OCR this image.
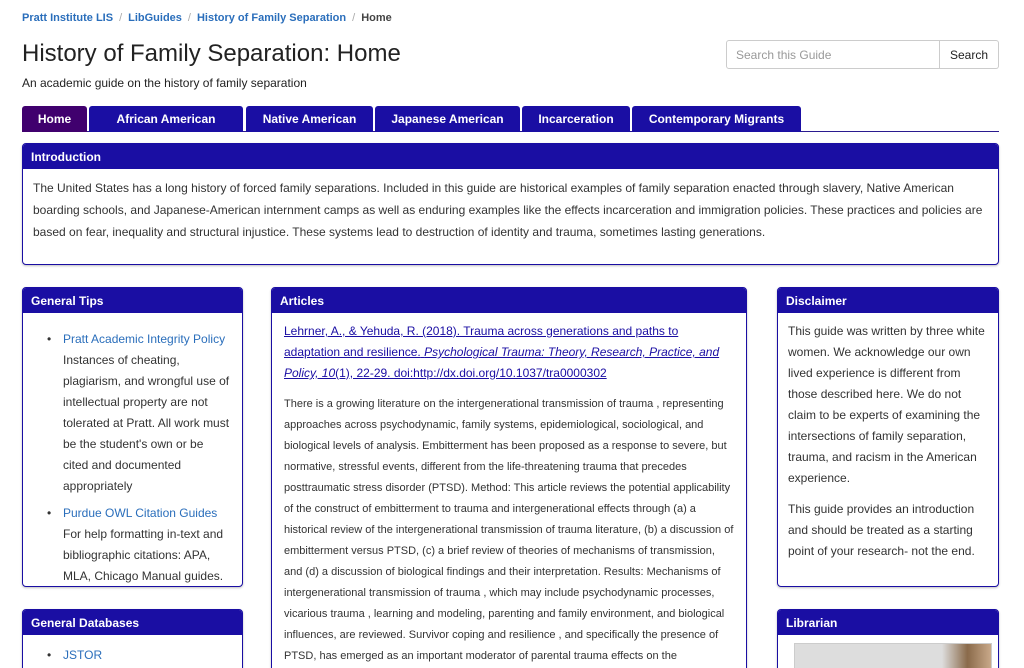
Pratt Institute LIS / LibGuides / History of Family Separation / Home
History of Family Separation: Home
An academic guide on the history of family separation
Search this Guide
Search
Home	African American	Native American	Japanese American	Incarceration	Contemporary Migrants
Introduction
The United States has a long history of forced family separations. Included in this guide are historical examples of family separation enacted through slavery, Native American boarding schools, and Japanese-American internment camps as well as enduring examples like the effects incarceration and immigration policies. These practices and policies are based on fear, inequality and structural injustice. These systems lead to destruction of identity and trauma, sometimes lasting generations.
General Tips
• Pratt Academic Integrity Policy
Instances of cheating, plagiarism, and wrongful use of intellectual property are not tolerated at Pratt. All work must be the student's own or be cited and documented appropriately
• Purdue OWL Citation Guides
For help formatting in-text and bibliographic citations: APA, MLA, Chicago Manual guides.
General Databases
• JSTOR
Articles
Lehrner, A., & Yehuda, R. (2018). Trauma across generations and paths to adaptation and resilience. Psychological Trauma: Theory, Research, Practice, and Policy, 10(1), 22-29. doi:http://dx.doi.org/10.1037/tra0000302
There is a growing literature on the intergenerational transmission of trauma , representing approaches across psychodynamic, family systems, epidemiological, sociological, and biological levels of analysis. Embitterment has been proposed as a response to severe, but normative, stressful events, different from the life-threatening trauma that precedes posttraumatic stress disorder (PTSD). Method: This article reviews the potential applicability of the construct of embitterment to trauma and intergenerational effects through (a) a historical review of the intergenerational transmission of trauma literature, (b) a discussion of embitterment versus PTSD, (c) a brief review of theories of mechanisms of transmission, and (d) a discussion of biological findings and their interpretation. Results: Mechanisms of intergenerational transmission of trauma , which may include psychodynamic processes, vicarious trauma , learning and modeling, parenting and family environment, and biological influences, are reviewed. Survivor coping and resilience , and specifically the presence of PTSD, has emerged as an important moderator of parental trauma effects on the
Disclaimer

This guide was written by three white women. We acknowledge our own lived experience is different from those described here. We do not claim to be experts of examining the intersections of family separation, trauma, and racism in the American experience.

This guide provides an introduction and should be treated as a starting point of your research- not the end.

Librarian
